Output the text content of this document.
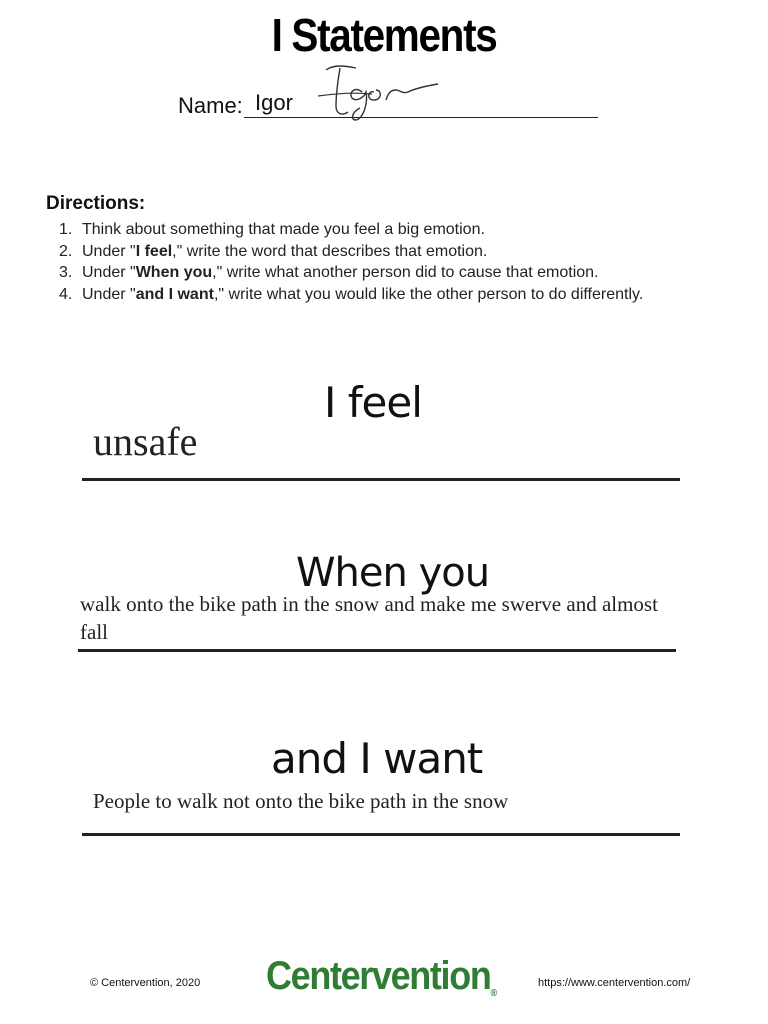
I Statements
Name: Igor
Directions:
1. Think about something that made you feel a big emotion.
2. Under "I feel," write the word that describes that emotion.
3. Under "When you," write what another person did to cause that emotion.
4. Under "and I want," write what you would like the other person to do differently.
I feel
unsafe
When you
walk onto the bike path in the snow and make me swerve and almost fall
and I want
People to walk not onto the bike path in the snow
© Centervention, 2020 Centervention®
https://www.centervention.com/
